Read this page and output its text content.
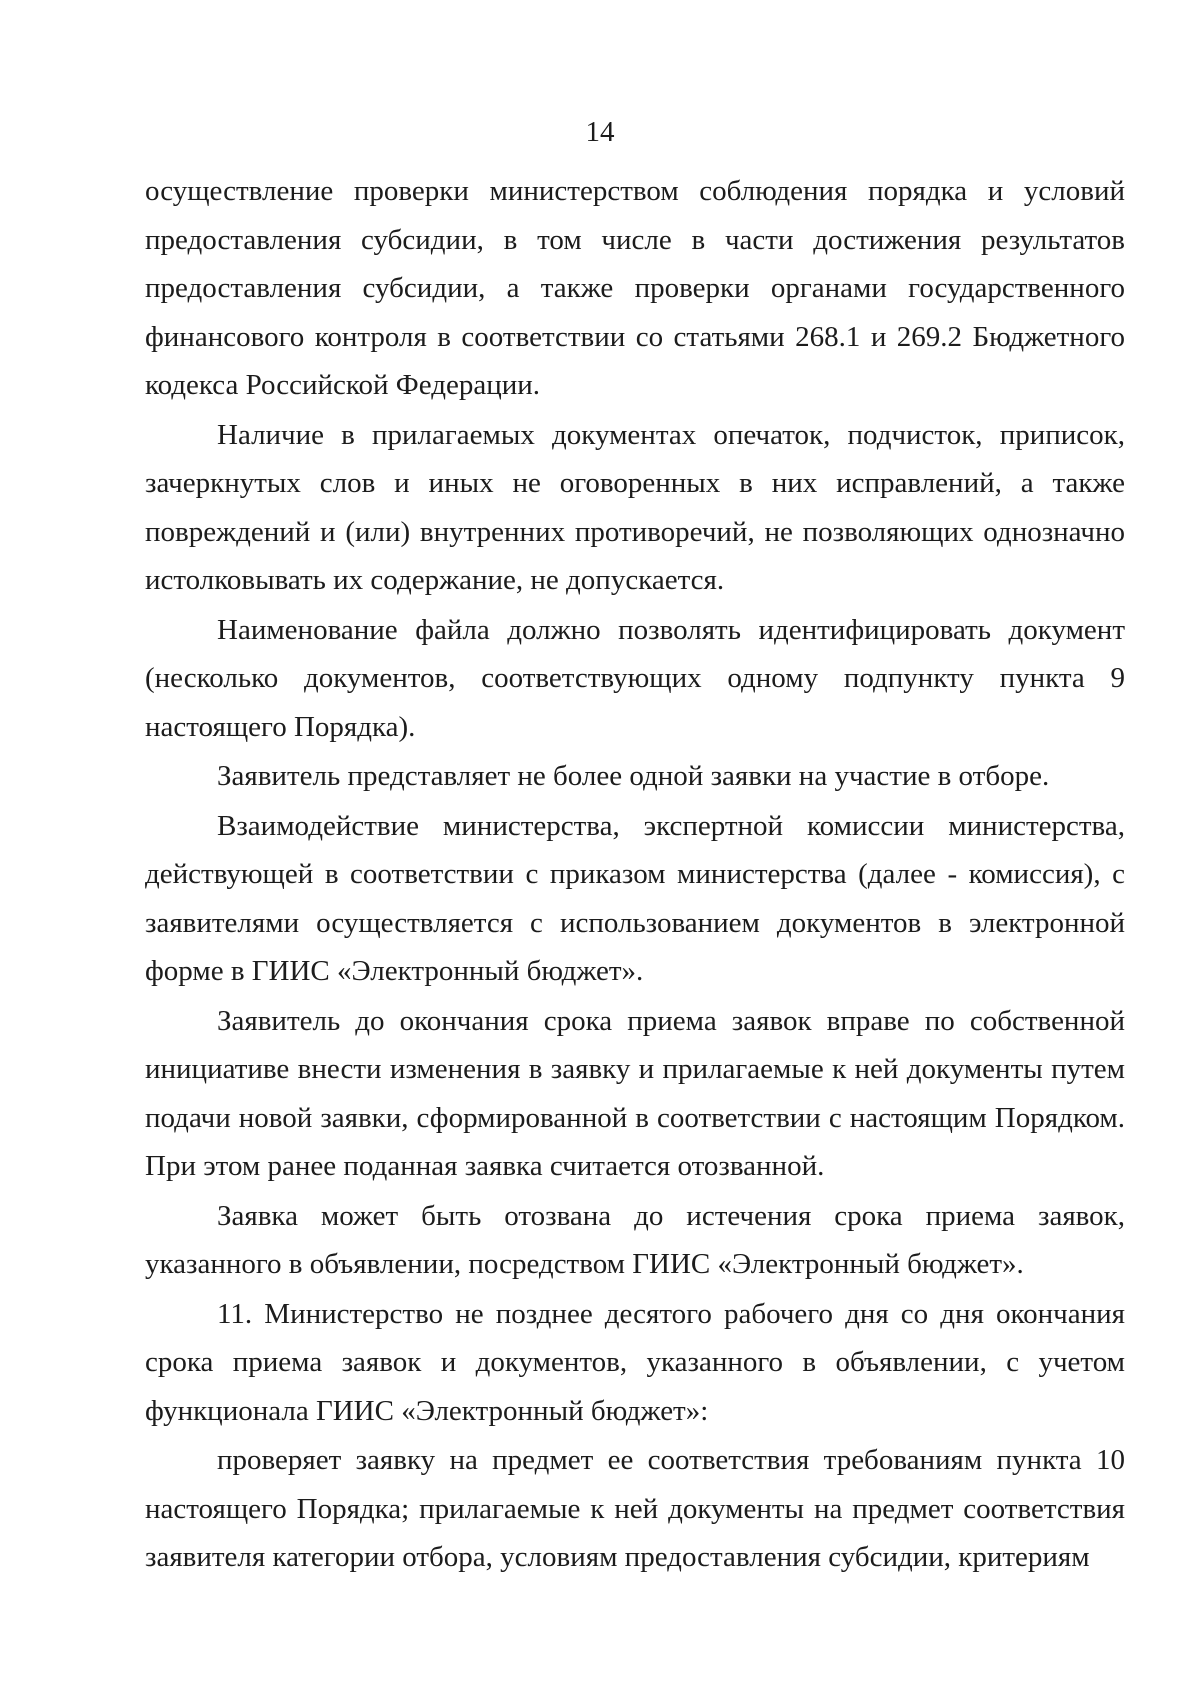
14

осуществление проверки министерством соблюдения порядка и условий предоставления субсидии, в том числе в части достижения результатов предоставления субсидии, а также проверки органами государственного финансового контроля в соответствии со статьями 268.1 и 269.2 Бюджетного кодекса Российской Федерации.

Наличие в прилагаемых документах опечаток, подчисток, приписок, зачеркнутых слов и иных не оговоренных в них исправлений, а также повреждений и (или) внутренних противоречий, не позволяющих однозначно истолковывать их содержание, не допускается.

Наименование файла должно позволять идентифицировать документ (несколько документов, соответствующих одному подпункту пункта 9 настоящего Порядка).

Заявитель представляет не более одной заявки на участие в отборе.

Взаимодействие министерства, экспертной комиссии министерства, действующей в соответствии с приказом министерства (далее - комиссия), с заявителями осуществляется с использованием документов в электронной форме в ГИИС «Электронный бюджет».

Заявитель до окончания срока приема заявок вправе по собственной инициативе внести изменения в заявку и прилагаемые к ней документы путем подачи новой заявки, сформированной в соответствии с настоящим Порядком. При этом ранее поданная заявка считается отозванной.

Заявка может быть отозвана до истечения срока приема заявок, указанного в объявлении, посредством ГИИС «Электронный бюджет».

11. Министерство не позднее десятого рабочего дня со дня окончания срока приема заявок и документов, указанного в объявлении, с учетом функционала ГИИС «Электронный бюджет»:

проверяет заявку на предмет ее соответствия требованиям пункта 10 настоящего Порядка; прилагаемые к ней документы на предмет соответствия заявителя категории отбора, условиям предоставления субсидии, критериям
